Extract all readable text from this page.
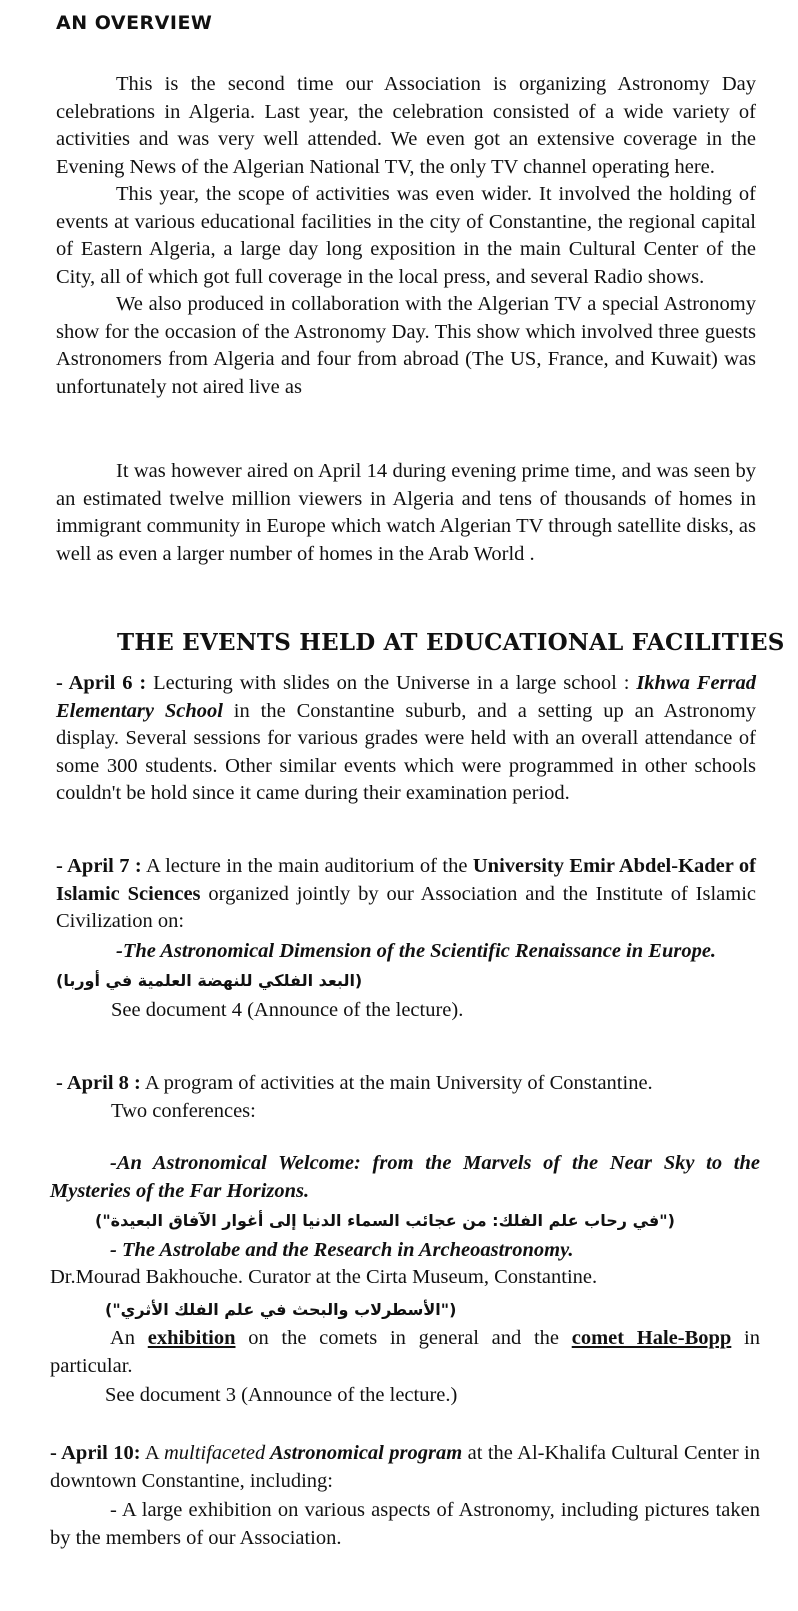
AN OVERVIEW

This is the second time our Association is organizing Astronomy Day celebrations in Algeria. Last year, the celebration consisted of a wide variety of activities and was very well attended. We even got an extensive coverage in the Evening News of the Algerian National TV, the only TV channel operating here.

This year, the scope of activities was even wider. It involved the holding of events at various educational facilities in the city of Constantine, the regional capital of Eastern Algeria, a large day long exposition in the main Cultural Center of the City, all of which got full coverage in the local press, and several Radio shows.

We also produced in collaboration with the Algerian TV a special Astronomy show for the occasion of the Astronomy Day. This show which involved three guests Astronomers from Algeria and four from abroad (The US, France, and Kuwait) was unfortunately not aired live as

It was however aired on April 14 during evening prime time, and was seen by an estimated twelve million viewers in Algeria and tens of thousands of homes in immigrant community in Europe which watch Algerian TV through satellite disks, as well as even a larger number of homes in the Arab World .

THE EVENTS HELD AT EDUCATIONAL FACILITIES

- April 6 : Lecturing with slides on the Universe in a large school : Ikhwa Ferrad Elementary School in the Constantine suburb, and a setting up an Astronomy display. Several sessions for various grades were held with an overall attendance of some 300 students. Other similar events which were programmed in other schools couldn't be hold since it came during their examination period.

- April 7 : A lecture in the main auditorium of the University Emir Abdel-Kader of Islamic Sciences organized jointly by our Association and the Institute of Islamic Civilization on:

-The Astronomical Dimension of the Scientific Renaissance in Europe.

(البعد الفلكي للنهضة العلمية في أوربا)

See document 4 (Announce of the lecture).

- April 8 : A program of activities at the main University of Constantine.

Two conferences:

-An Astronomical Welcome: from the Marvels of the Near Sky to the Mysteries of the Far Horizons.

("في رحاب علم الفلك: من عجائب السماء الدنيا إلى أغوار الآفاق البعيدة")

- The Astrolabe and the Research in Archeoastronomy.

Dr.Mourad Bakhouche. Curator at the Cirta Museum, Constantine.

("الأسطرلاب والبحث في علم الفلك الأثري")

An exhibition on the comets in general and the comet Hale-Bopp in particular.

See document 3 (Announce of the lecture.)

- April 10: A multifaceted Astronomical program at the Al-Khalifa Cultural Center in downtown Constantine, including:

- A large exhibition on various aspects of Astronomy, including pictures taken by the members of our Association.
